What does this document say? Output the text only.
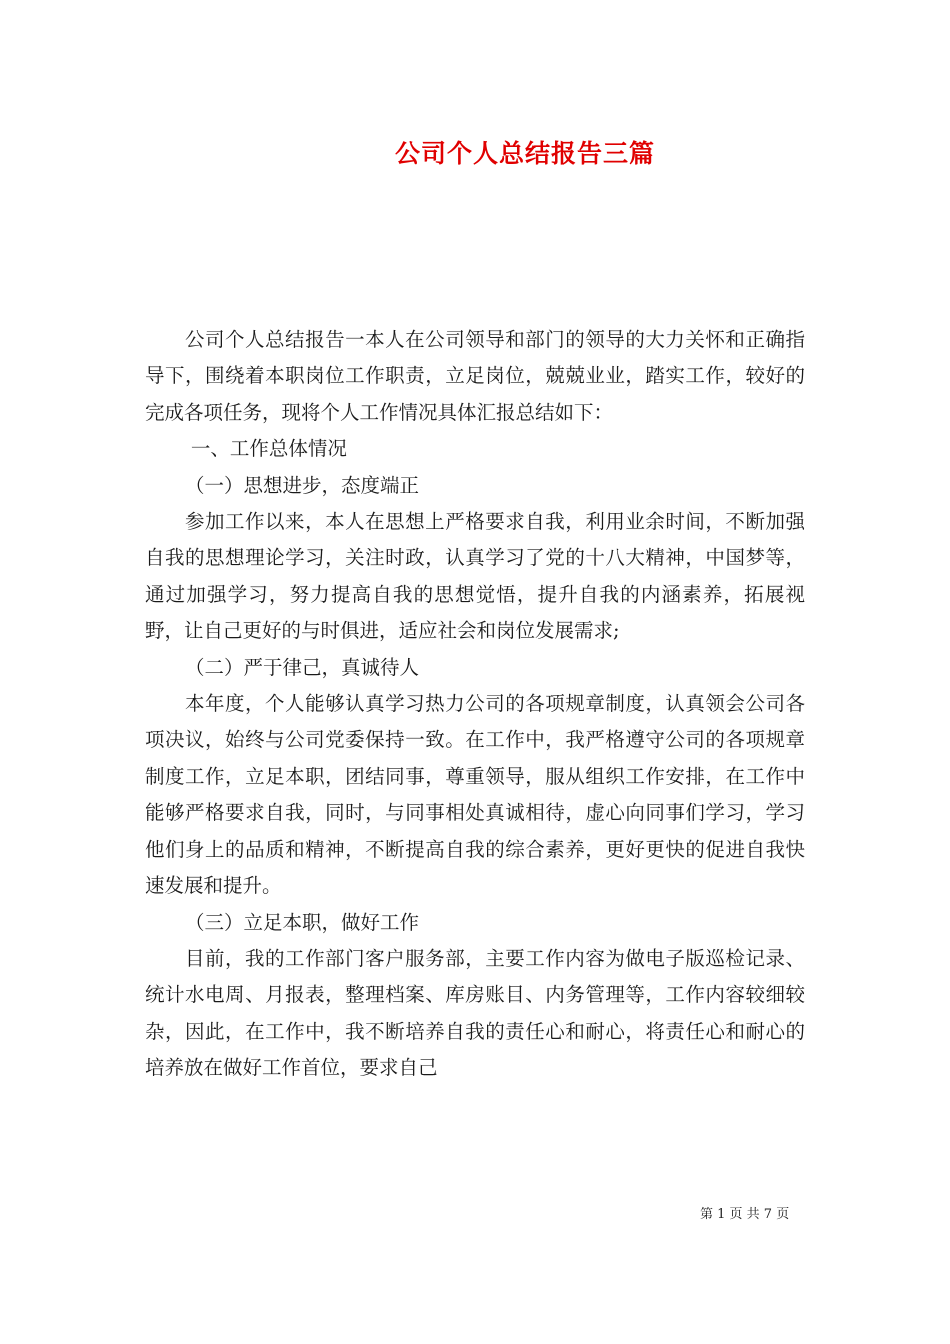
公司个人总结报告三篇

公司个人总结报告一本人在公司领导和部门的领导的大力关怀和正确指导下，围绕着本职岗位工作职责，立足岗位，兢兢业业，踏实工作，较好的完成各项任务，现将个人工作情况具体汇报总结如下：

一、工作总体情况

（一）思想进步，态度端正

参加工作以来，本人在思想上严格要求自我，利用业余时间，不断加强自我的思想理论学习，关注时政，认真学习了党的十八大精神，中国梦等，通过加强学习，努力提高自我的思想觉悟，提升自我的内涵素养，拓展视野，让自己更好的与时俱进，适应社会和岗位发展需求;

（二）严于律己，真诚待人

本年度，个人能够认真学习热力公司的各项规章制度，认真领会公司各项决议，始终与公司党委保持一致。在工作中，我严格遵守公司的各项规章制度工作，立足本职，团结同事，尊重领导，服从组织工作安排，在工作中能够严格要求自我，同时，与同事相处真诚相待，虚心向同事们学习，学习他们身上的品质和精神，不断提高自我的综合素养，更好更快的促进自我快速发展和提升。

（三）立足本职，做好工作

目前，我的工作部门客户服务部，主要工作内容为做电子版巡检记录、统计水电周、月报表，整理档案、库房账目、内务管理等，工作内容较细较杂，因此，在工作中，我不断培养自我的责任心和耐心，将责任心和耐心的培养放在做好工作首位，要求自己

第 1 页 共 7 页
